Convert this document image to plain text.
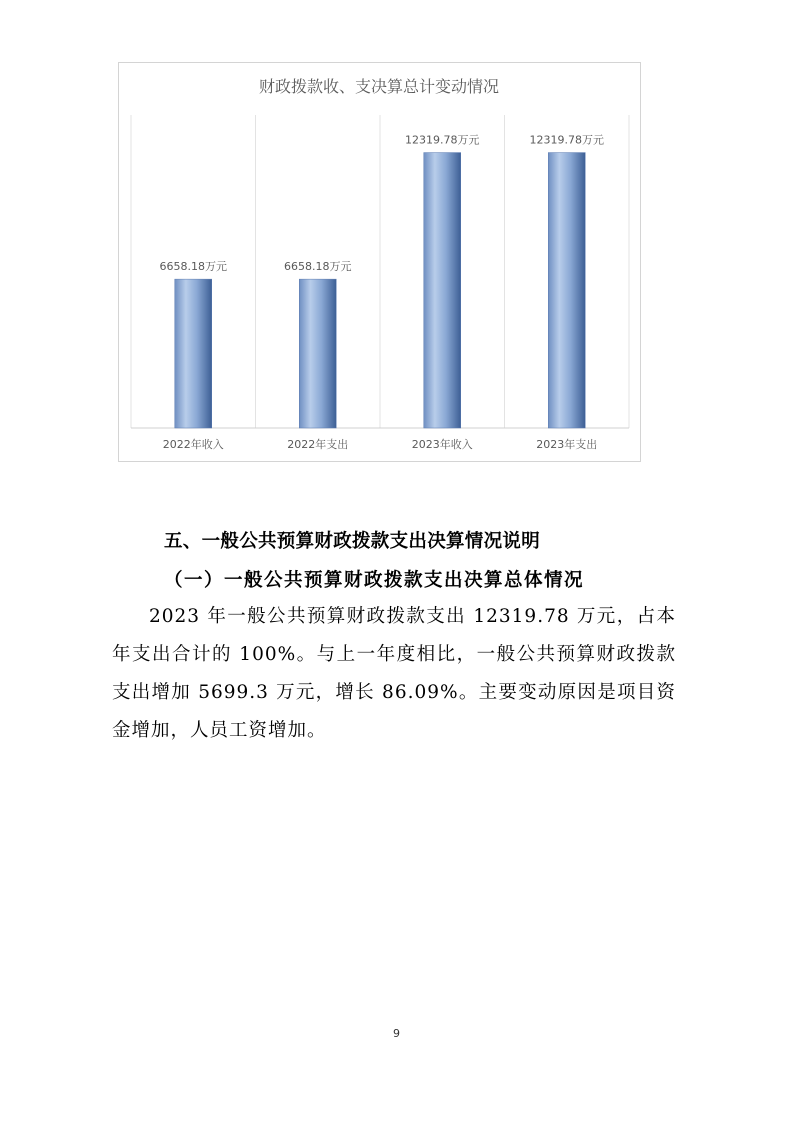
财政拨款收、支决算总计变动情况
6658.18万元
2022年收入
6658.18万元
2022年支出
12319.78万元
2023年收入
12319.78万元
2023年支出
五、一般公共预算财政拨款支出决算情况说明
（一）一般公共预算财政拨款支出决算总体情况
2023 年一般公共预算财政拨款支出 12319.78 万元，占本年支出合计的 100%。与上一年度相比，一般公共预算财政拨款支出增加 5699.3 万元，增长 86.09%。主要变动原因是项目资金增加，人员工资增加。
9
